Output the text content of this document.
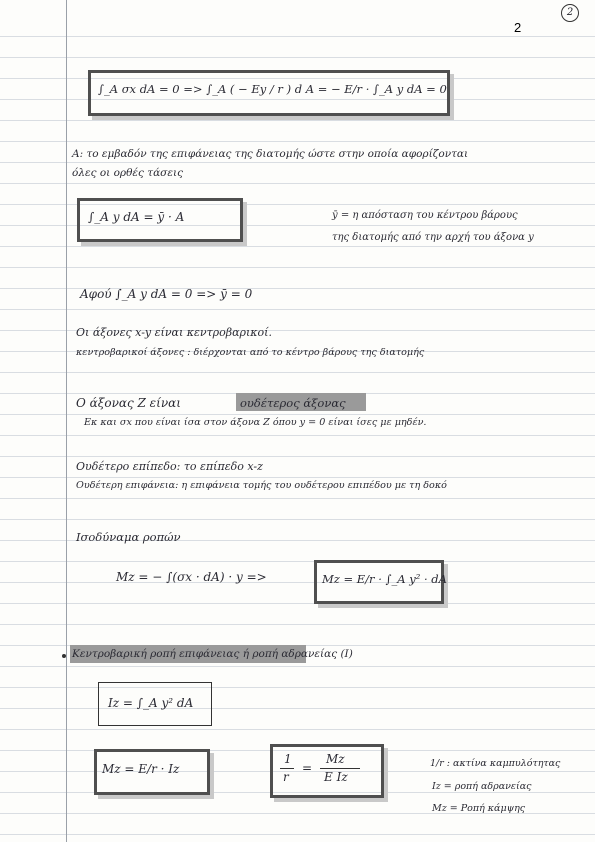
2
2
∫_A σx dA = 0 => ∫_A ( − Ey / r ) d A = − E/r · ∫_A y dA = 0
A: το εμβαδόν της επιφάνειας της διατομής ώστε στην οποία αφορίζονται
όλες οι ορθές τάσεις
∫_A y dA = ȳ · A	ȳ = η απόσταση του κέντρου βάρους
της διατομής από την αρχή του άξονα y
Αφού ∫_A y dA = 0 => ȳ = 0
Οι άξονες x-y είναι κεντροβαρικοί.
κεντροβαρικοί άξονες : διέρχονται από το κέντρο βάρους της διατομής
Ο άξονας Z είναι	ουδέτερος άξονας
Εκ και σx που είναι ίσα στον άξονα Z όπου y = 0 είναι ίσες με μηδέν.
Ουδέτερο επίπεδο: το επίπεδο x-z
Ουδέτερη επιφάνεια: η επιφάνεια τομής του ουδέτερου επιπέδου με τη δοκό
Ισοδύναμα ροπών
Mz = − ∫(σx · dA) · y =>	Mz = E/r · ∫_A y² · dA
Κεντροβαρική ροπή επιφάνειας ή ροπή αδρανείας (I)
Iz = ∫_A y² dA
Mz = E/r · Iz
1
r
=
Mz
E Iz
1/r : ακτίνα καμπυλότητας
Iz = ροπή αδρανείας
Mz = Ροπή κάμψης
